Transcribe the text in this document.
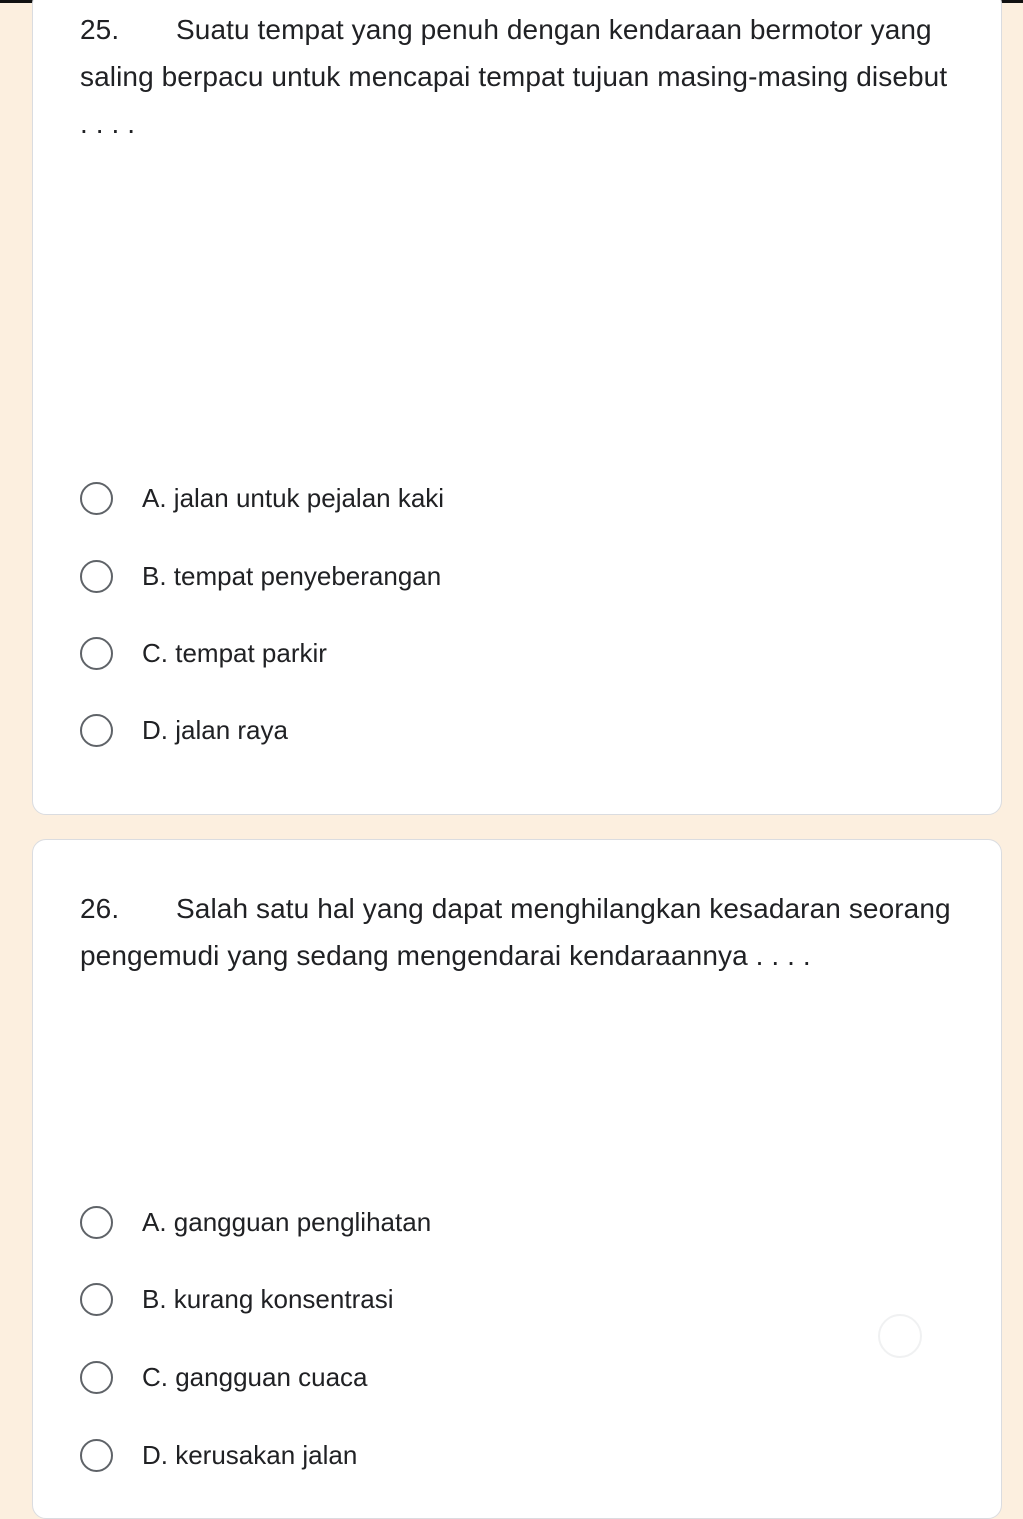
25. Suatu tempat yang penuh dengan kendaraan bermotor yang saling berpacu untuk mencapai tempat tujuan masing-masing disebut . . . .
A. jalan untuk pejalan kaki
B. tempat penyeberangan
C. tempat parkir
D. jalan raya
26. Salah satu hal yang dapat menghilangkan kesadaran seorang pengemudi yang sedang mengendarai kendaraannya . . . .
A. gangguan penglihatan
B. kurang konsentrasi
C. gangguan cuaca
D. kerusakan jalan
